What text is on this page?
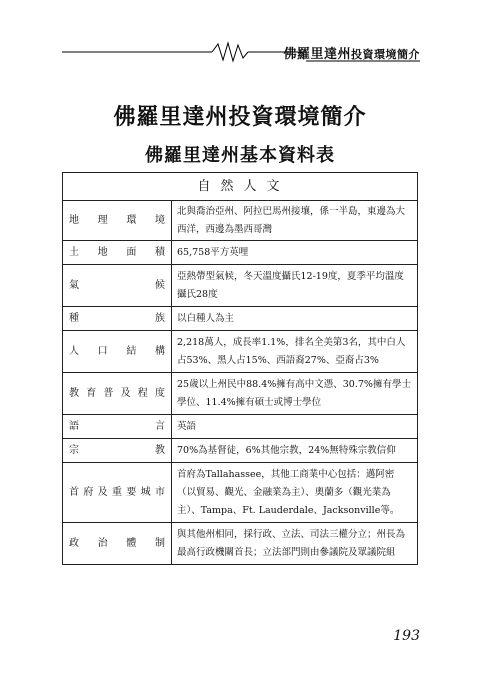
佛羅里達州投資環境簡介
佛羅里達州投資環境簡介
佛羅里達州基本資料表
自然人文	
地理環境	北與喬治亞州、阿拉巴馬州接壤，係一半島，東邊為大西洋，西邊為墨西哥灣
土地面積	65,758平方英哩
氣候	亞熱帶型氣候，冬天溫度攝氏12-19度，夏季平均溫度攝氏28度
種族	以白種人為主
人口結構	2,218萬人，成長率1.1%，排名全美第3名，其中白人占53%、黑人占15%、西語裔27%、亞裔占3%
教育普及程度	25歲以上州民中88.4%擁有高中文憑、30.7%擁有學士學位、11.4%擁有碩士或博士學位
語言	英語
宗教	70%為基督徒，6%其他宗教，24%無特殊宗教信仰
首府及重要城市	首府為Tallahassee，其他工商業中心包括：邁阿密（以貿易、觀光、金融業為主）、奧蘭多（觀光業為主）、Tampa、Ft. Lauderdale、Jacksonville等。
政治體制	與其他州相同，採行政、立法、司法三權分立；州長為最高行政機關首長；立法部門則由參議院及眾議院組
193
